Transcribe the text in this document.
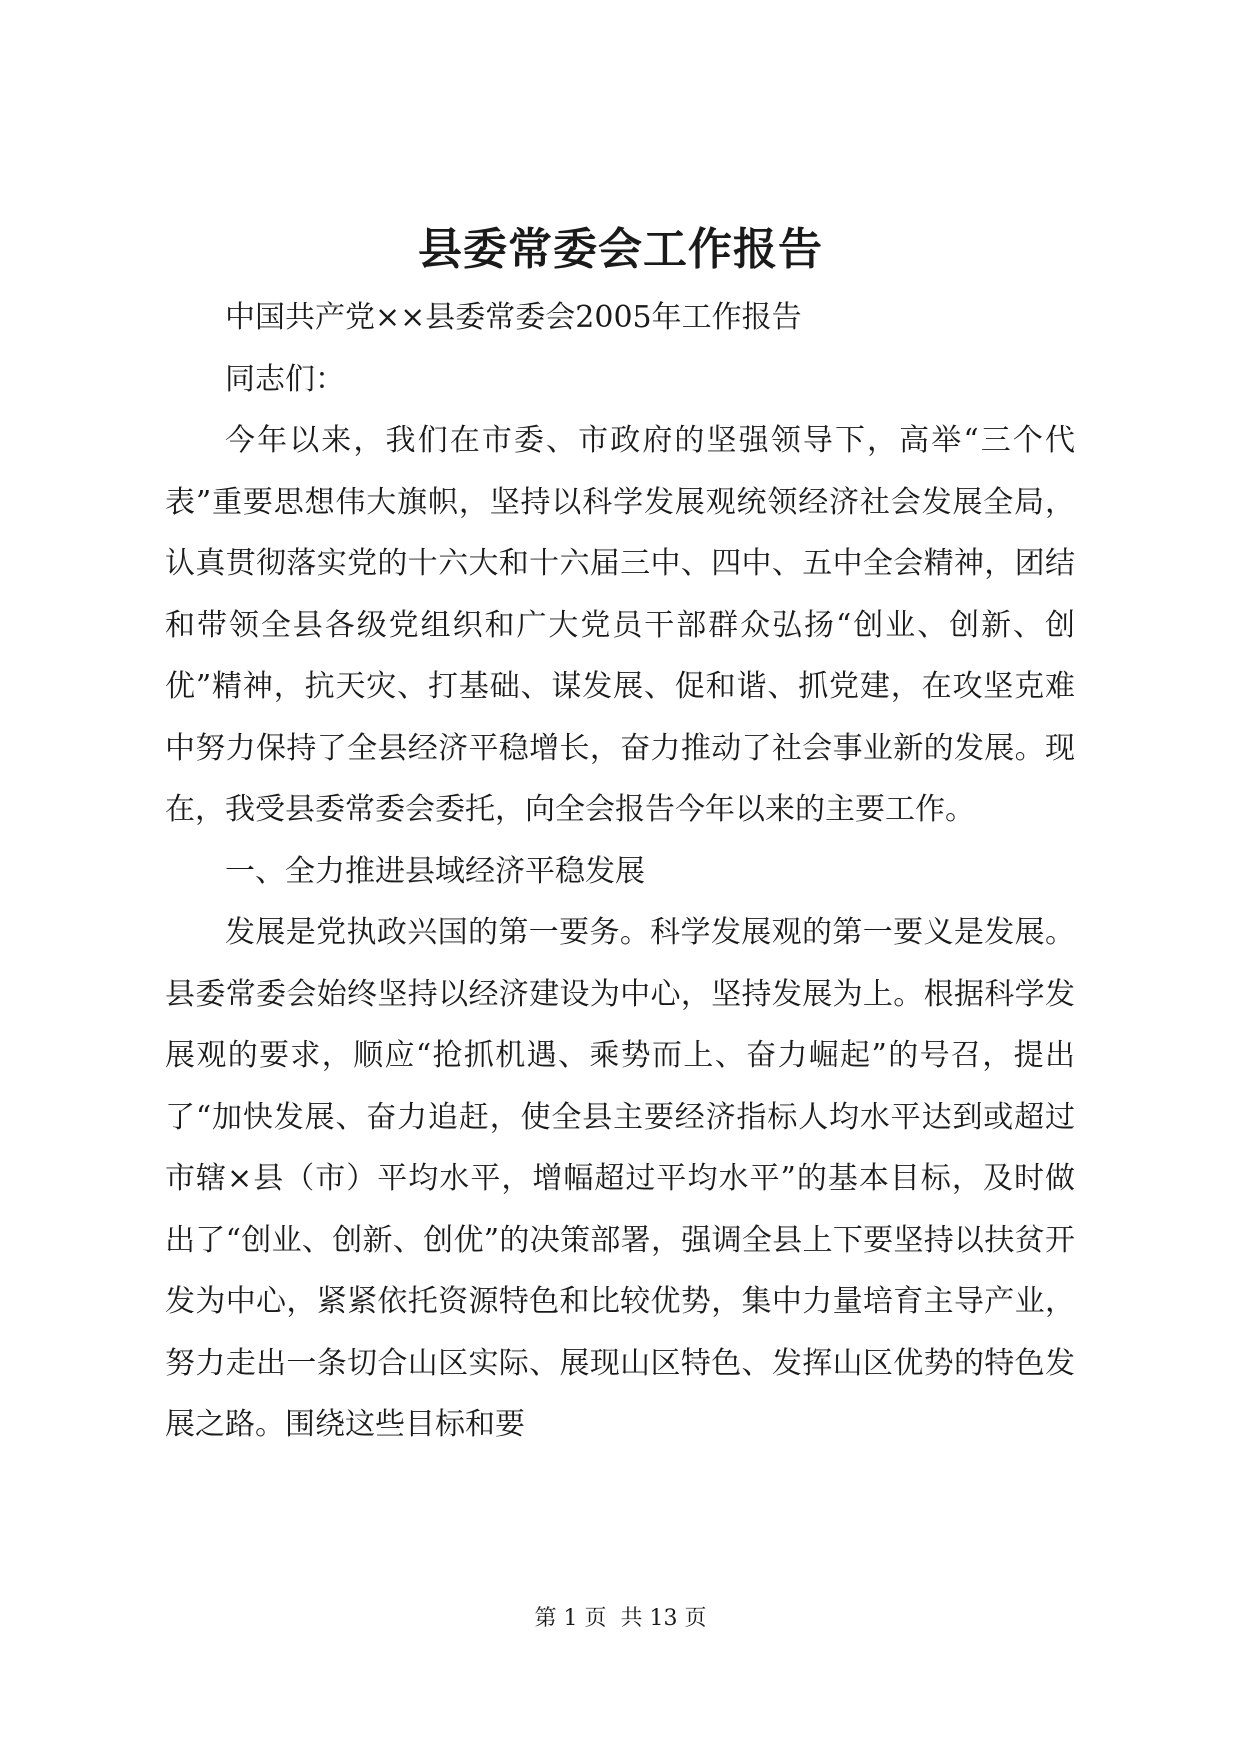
县委常委会工作报告

中国共产党××县委常委会2005年工作报告

同志们：

今年以来，我们在市委、市政府的坚强领导下，高举“三个代表”重要思想伟大旗帜，坚持以科学发展观统领经济社会发展全局，认真贯彻落实党的十六大和十六届三中、四中、五中全会精神，团结和带领全县各级党组织和广大党员干部群众弘扬“创业、创新、创优”精神，抗天灾、打基础、谋发展、促和谐、抓党建，在攻坚克难中努力保持了全县经济平稳增长，奋力推动了社会事业新的发展。现在，我受县委常委会委托，向全会报告今年以来的主要工作。

一、全力推进县域经济平稳发展

发展是党执政兴国的第一要务。科学发展观的第一要义是发展。县委常委会始终坚持以经济建设为中心，坚持发展为上。根据科学发展观的要求，顺应“抢抓机遇、乘势而上、奋力崛起”的号召，提出了“加快发展、奋力追赶，使全县主要经济指标人均水平达到或超过市辖×县（市）平均水平，增幅超过平均水平”的基本目标，及时做出了“创业、创新、创优”的决策部署，强调全县上下要坚持以扶贫开发为中心，紧紧依托资源特色和比较优势，集中力量培育主导产业，努力走出一条切合山区实际、展现山区特色、发挥山区优势的特色发展之路。围绕这些目标和要

第 1 页  共 13 页
